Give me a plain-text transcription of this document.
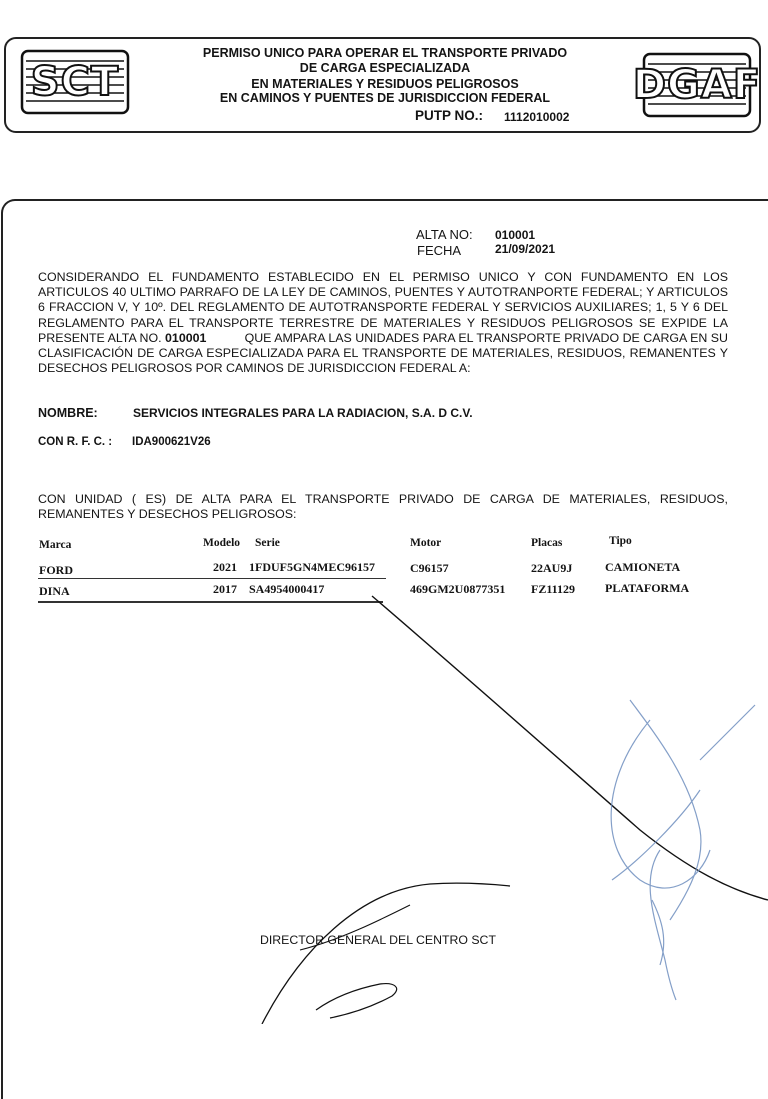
SCT	DGAF
PERMISO UNICO PARA OPERAR EL TRANSPORTE PRIVADO
DE CARGA ESPECIALIZADA
EN MATERIALES Y RESIDUOS PELIGROSOS
EN CAMINOS Y PUENTES DE JURISDICCION FEDERAL
PUTP NO.: 1112010002
ALTA NO: 010001
FECHA	21/09/2021
CONSIDERANDO EL FUNDAMENTO ESTABLECIDO EN EL PERMISO UNICO Y CON FUNDAMENTO EN LOS ARTICULOS 40 ULTIMO PARRAFO DE LA LEY DE CAMINOS, PUENTES Y AUTOTRANPORTE FEDERAL; Y ARTICULOS 6 FRACCION V, Y 10º. DEL REGLAMENTO DE AUTOTRANSPORTE FEDERAL Y SERVICIOS AUXILIARES; 1, 5 Y 6 DEL REGLAMENTO PARA EL TRANSPORTE TERRESTRE DE MATERIALES Y RESIDUOS PELIGROSOS SE EXPIDE LA PRESENTE ALTA NO. 010001	QUE AMPARA LAS UNIDADES PARA EL TRANSPORTE PRIVADO DE CARGA EN SU CLASIFICACIÓN DE CARGA ESPECIALIZADA PARA EL TRANSPORTE DE MATERIALES, RESIDUOS, REMANENTES Y DESECHOS PELIGROSOS POR CAMINOS DE JURISDICCION FEDERAL A:
NOMBRE:	SERVICIOS INTEGRALES PARA LA RADIACION, S.A. D C.V.
CON R. F. C. : IDA900621V26
CON UNIDAD ( ES) DE ALTA PARA EL TRANSPORTE PRIVADO DE CARGA DE MATERIALES, RESIDUOS, REMANENTES Y DESECHOS PELIGROSOS:
Marca	Modelo Serie	Motor	Placas	Tipo
FORD	2021 1FDUF5GN4MEC96157	C96157	22AU9J	CAMIONETA
DINA	2017 SA4954000417	469GM2U0877351 FZ11129 PLATAFORMA
DIRECTOR GENERAL DEL CENTRO SCT
